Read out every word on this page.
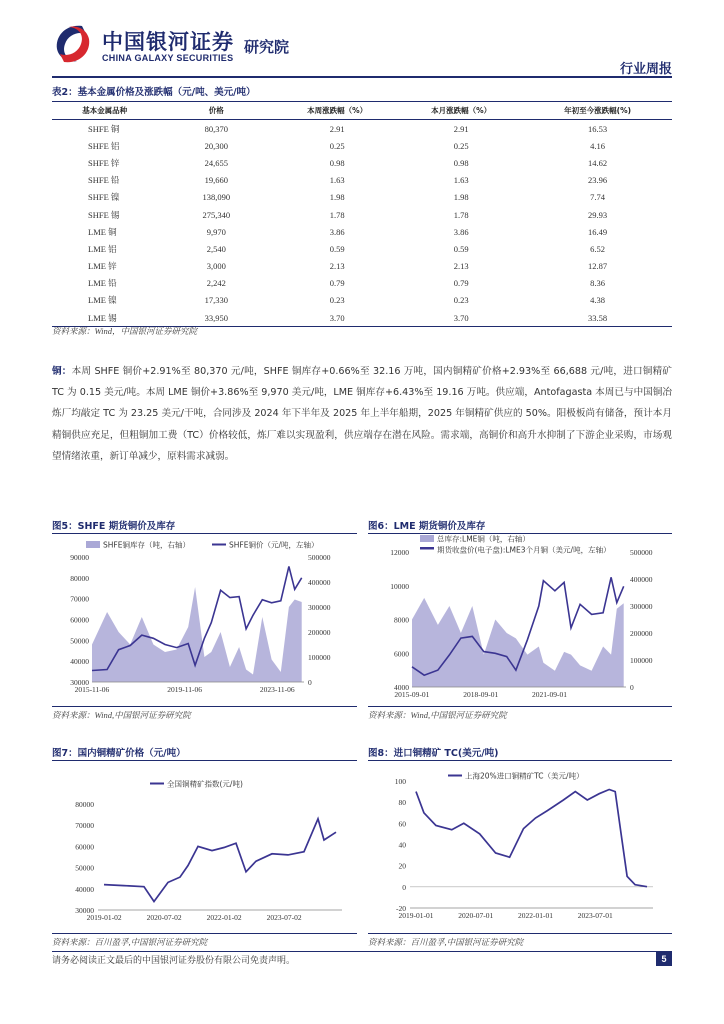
中国银河证券
CHINA GALAXY SECURITIES
研究院
行业周报
表2：基本金属价格及涨跌幅（元/吨、美元/吨）
基本金属品种	价格	本周涨跌幅（%）	本月涨跌幅（%）	年初至今涨跌幅(%)
SHFE 铜	80,370	2.91	2.91	16.53
SHFE 铝	20,300	0.25	0.25	4.16
SHFE 锌	24,655	0.98	0.98	14.62
SHFE 铅	19,660	1.63	1.63	23.96
SHFE 镍	138,090	1.98	1.98	7.74
SHFE 锡	275,340	1.78	1.78	29.93
LME 铜	9,970	3.86	3.86	16.49
LME 铝	2,540	0.59	0.59	6.52
LME 锌	3,000	2.13	2.13	12.87
LME 铅	2,242	0.79	0.79	8.36
LME 镍	17,330	0.23	0.23	4.38
LME 锡	33,950	3.70	3.70	33.58
资料来源：Wind，中国银河证券研究院
铜：本周 SHFE 铜价+2.91%至 80,370 元/吨，SHFE 铜库存+0.66%至 32.16 万吨，国内铜精矿价格+2.93%至 66,688 元/吨，进口铜精矿 TC 为 0.15 美元/吨。本周 LME 铜价+3.86%至 9,970 美元/吨，LME 铜库存+6.43%至 19.16 万吨。供应端，Antofagasta 本周已与中国铜冶炼厂均敲定 TC 为 23.25 美元/干吨，合同涉及 2024 年下半年及 2025 年上半年船期，2025 年铜精矿供应的 50%。阳极板尚有储备，预计本月精铜供应充足，但粗铜加工费（TC）价格较低，炼厂难以实现盈利，供应端存在潜在风险。需求端，高铜价和高升水抑制了下游企业采购，市场观望情绪浓重，新订单减少，原料需求减弱。
图5：SHFE 期货铜价及库存	图6：LME 期货铜价及库存
资料来源：Wind,中国银河证券研究院	资料来源：Wind,中国银河证券研究院
图7：国内铜精矿价格（元/吨）	图8：进口铜精矿 TC(美元/吨)
资料来源：百川盈孚,中国银河证券研究院	资料来源：百川盈孚,中国银河证券研究院
30000
40000
50000
60000
70000
80000
90000
0
100000
200000
300000
400000
500000
2015-11-06	2019-11-06	2023-11-06
SHFE铜库存（吨，右轴）	SHFE铜价（元/吨，左轴）
4000
6000
8000
10000
12000
0
100000
200000
300000
400000
500000
2015-09-01	2018-09-01	2021-09-01
总库存:LME铜（吨，右轴）
期货收盘价(电子盘):LME3个月铜（美元/吨，左轴）
30000
40000
50000
60000
70000
80000
2019-01-02	2020-07-02	2022-01-02	2023-07-02
全国铜精矿指数(元/吨)
-20
0
20
40
60
80
100
2019-01-01	2020-07-01	2022-01-01	2023-07-01
上海20%进口铜精矿TC（美元/吨）
请务必阅读正文最后的中国银河证券股份有限公司免责声明。	5
